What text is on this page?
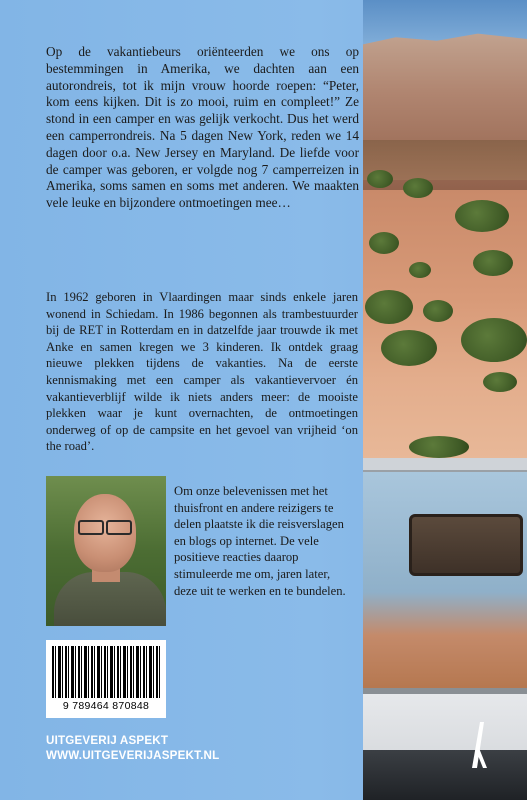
Op de vakantiebeurs oriënteerden we ons op bestemmingen in Amerika, we dachten aan een autorondreis, tot ik mijn vrouw hoorde roepen: “Peter, kom eens kijken. Dit is zo mooi, ruim en compleet!” Ze stond in een camper en was gelijk verkocht. Dus het werd een camperrondreis. Na 5 dagen New York, reden we 14 dagen door o.a. New Jersey en Maryland. De liefde voor de camper was geboren, er volgde nog 7 camperreizen in Amerika, soms samen en soms met anderen. We maakten vele leuke en bijzondere ontmoetingen mee…

In 1962 geboren in Vlaardingen maar sinds enkele jaren wonend in Schiedam. In 1986 begonnen als trambestuurder bij de RET in Rotterdam en in datzelfde jaar trouwde ik met Anke en samen kregen we 3 kinderen. Ik ontdek graag nieuwe plekken tijdens de vakanties. Na de eerste kennismaking met een camper als vakantievervoer én vakantieverblijf wilde ik niets anders meer: de mooiste plekken waar je kunt overnachten, de ontmoetingen onderweg of op de campsite en het gevoel van vrijheid ‘on the road’.

Om onze belevenissen met het thuisfront en andere reizigers te delen plaatste ik die reisverslagen en blogs op internet. De vele positieve reacties daarop stimuleerde me om, jaren later, deze uit te werken en te bundelen.

9 789464 870848
UITGEVERIJ ASPEKT
WWW.UITGEVERIJASPEKT.NL
